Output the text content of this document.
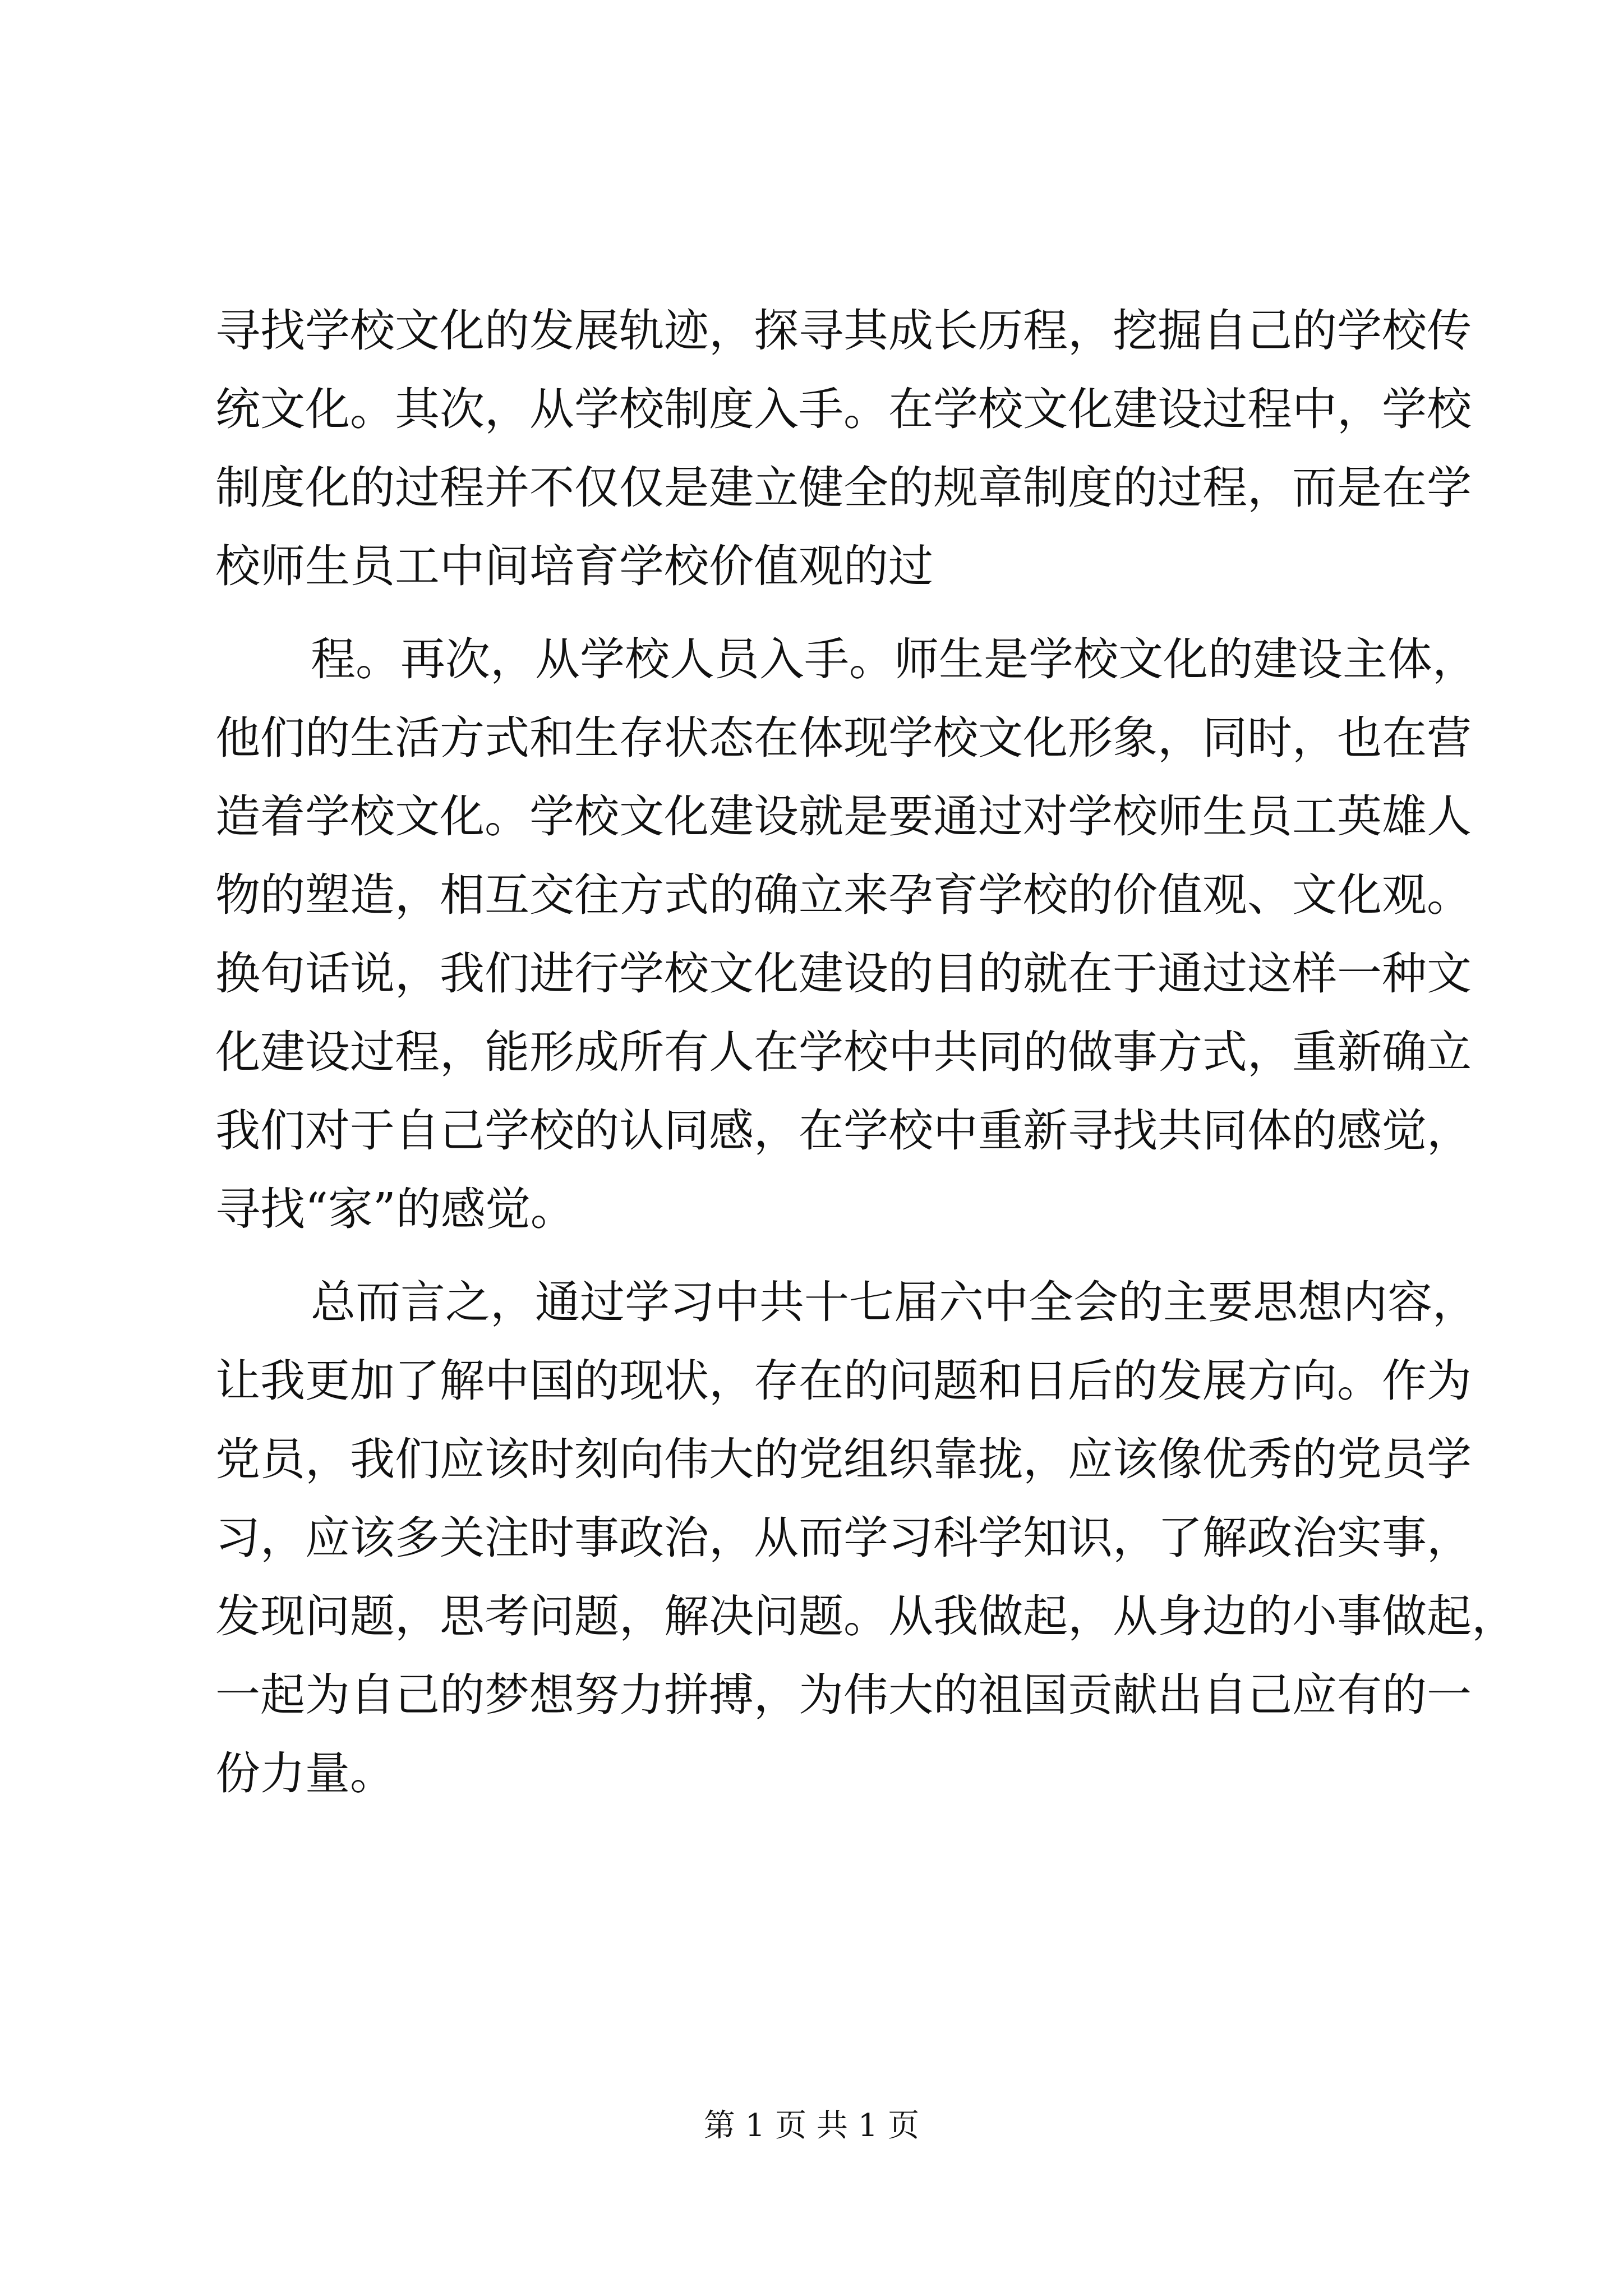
寻找学校文化的发展轨迹，探寻其成长历程，挖掘自己的学校传
统文化。其次，从学校制度入手。在学校文化建设过程中，学校
制度化的过程并不仅仅是建立健全的规章制度的过程，而是在学
校师生员工中间培育学校价值观的过
程。再次，从学校人员入手。师生是学校文化的建设主体，
他们的生活方式和生存状态在体现学校文化形象，同时，也在营
造着学校文化。学校文化建设就是要通过对学校师生员工英雄人
物的塑造，相互交往方式的确立来孕育学校的价值观、文化观。
换句话说，我们进行学校文化建设的目的就在于通过这样一种文
化建设过程，能形成所有人在学校中共同的做事方式，重新确立
我们对于自己学校的认同感，在学校中重新寻找共同体的感觉，
寻找“家”的感觉。
总而言之，通过学习中共十七届六中全会的主要思想内容，
让我更加了解中国的现状，存在的问题和日后的发展方向。作为
党员，我们应该时刻向伟大的党组织靠拢，应该像优秀的党员学
习，应该多关注时事政治，从而学习科学知识，了解政治实事，
发现问题，思考问题，解决问题。从我做起，从身边的小事做起，
一起为自己的梦想努力拼搏，为伟大的祖国贡献出自己应有的一
份力量。
第 1 页 共 1 页
